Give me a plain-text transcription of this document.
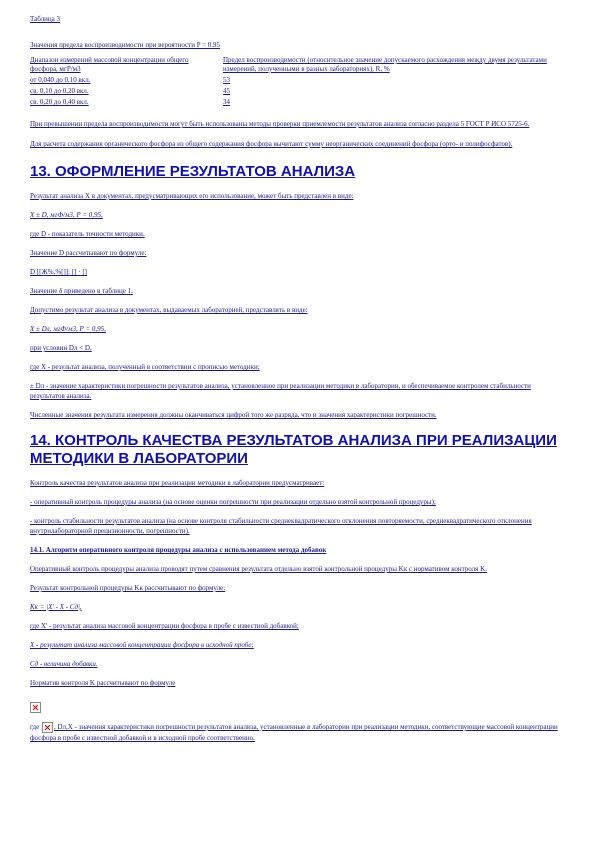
Таблица 3

Значения предела воспроизводимости при вероятности P = 0.95

Диапазон измерений массовой концентрации общего фосфора, мгР/м3	Предел воспроизводимости (относительное значение допускаемого расхождения между двумя результатами измерений, полученными в разных лабораториях), R, %
от 0,040 до 0,10 вкл.	53
св. 0,10 до 0,20 вкл.	45
св. 0,20 до 0,40 вкл.	34

При превышении предела воспроизводимости могут быть использованы методы проверки приемлемости результатов анализа согласно раздела 5 ГОСТ Р ИСО 5725-6.

Для расчета содержания органического фосфора из общего содержания фосфора вычитают сумму неорганических соединений фосфора (орто- и полифосфатов).

13. ОФОРМЛЕНИЕ РЕЗУЛЬТАТОВ АНАЛИЗА

Результат анализа X в документах, предусматривающих его использование, может быть представлен в виде:

X ± D, мгФ/м3, P = 0,95,

где D - показатель точности методики.

Значение D рассчитывают по формуле:

D [[Ж%,%[]]: [] · []

Значение δ приведено в таблице 1.

Допустимо результат анализа в документах, выдаваемых лабораторией, представлять в виде:

X ± Dл, мгФ/м3, P = 0,95,

при условии Dл < D,

где X - результат анализа, полученный в соответствии с прописью методики;

± Dл - значение характеристики погрешности результатов анализа, установленное при реализации методики в лаборатории, и обеспечиваемое контролем стабильности результатов анализа.

Численные значения результата измерения должны оканчиваться цифрой того же разряда, что и значения характеристики погрешности.

14. КОНТРОЛЬ КАЧЕСТВА РЕЗУЛЬТАТОВ АНАЛИЗА ПРИ РЕАЛИЗАЦИИ МЕТОДИКИ В ЛАБОРАТОРИИ

Контроль качества результатов анализа при реализации методики в лаборатории предусматривает:

- оперативный контроль процедуры анализа (на основе оценки погрешности при реализации отдельно взятой контрольной процедуры);

- контроль стабильности результатов анализа (на основе контроля стабильности среднеквадратического отклонения повторяемости, среднеквадратического отклонения внутрилабораторной прецизионности, погрешности).

14.1. Алгоритм оперативного контроля процедуры анализа с использованием метода добавок

Оперативный контроль процедуры анализа проводят путем сравнения результата отдельно взятой контрольной процедуры Kк с нормативом контроля K.

Результат контрольной процедуры Kк рассчитывают по формуле:

Kк = |X' - X - Cд|,

где X' - результат анализа массовой концентрации фосфора в пробе с известной добавкой;

X - результат анализа массовой концентрации фосфора в исходной пробе;

Cд - величина добавки.

Норматив контроля K рассчитывают по формуле

где , Dл,X - значения характеристики погрешности результатов анализа, установленные в лаборатории при реализации методики, соответствующие массовой концентрации фосфора в пробе с известной добавкой и в исходной пробе соответственно.
